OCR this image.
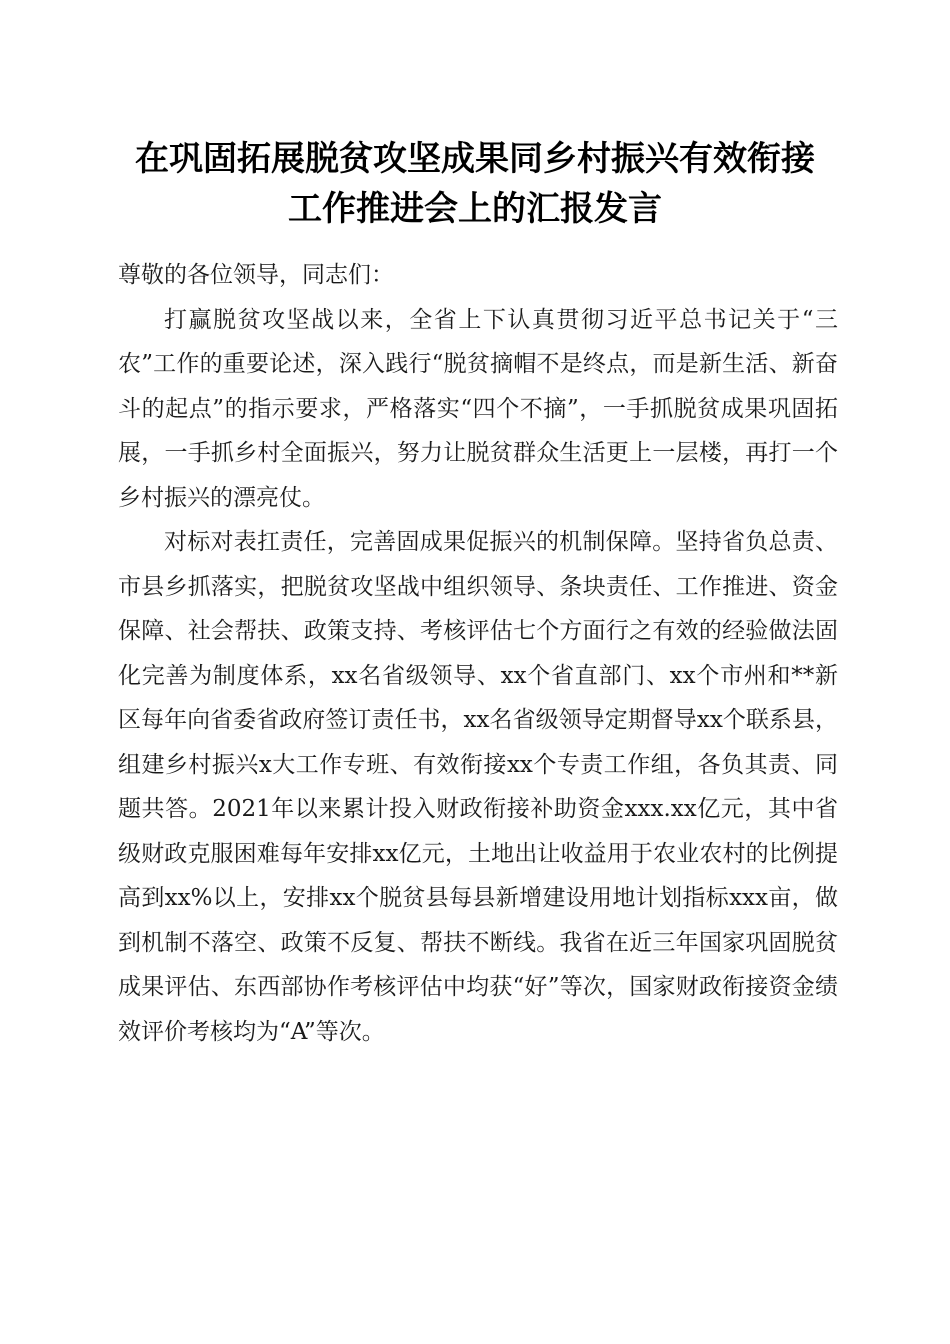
在巩固拓展脱贫攻坚成果同乡村振兴有效衔接
工作推进会上的汇报发言

尊敬的各位领导，同志们：

打赢脱贫攻坚战以来，全省上下认真贯彻习近平总书记关于“三农”工作的重要论述，深入践行“脱贫摘帽不是终点，而是新生活、新奋斗的起点”的指示要求，严格落实“四个不摘”，一手抓脱贫成果巩固拓展，一手抓乡村全面振兴，努力让脱贫群众生活更上一层楼，再打一个乡村振兴的漂亮仗。

对标对表扛责任，完善固成果促振兴的机制保障。坚持省负总责、市县乡抓落实，把脱贫攻坚战中组织领导、条块责任、工作推进、资金保障、社会帮扶、政策支持、考核评估七个方面行之有效的经验做法固化完善为制度体系，xx名省级领导、xx个省直部门、xx个市州和**新区每年向省委省政府签订责任书，xx名省级领导定期督导xx个联系县，组建乡村振兴x大工作专班、有效衔接xx个专责工作组，各负其责、同题共答。2021年以来累计投入财政衔接补助资金xxx.xx亿元，其中省级财政克服困难每年安排xx亿元，土地出让收益用于农业农村的比例提高到xx%以上，安排xx个脱贫县每县新增建设用地计划指标xxx亩，做到机制不落空、政策不反复、帮扶不断线。我省在近三年国家巩固脱贫成果评估、东西部协作考核评估中均获“好”等次，国家财政衔接资金绩效评价考核均为“A”等次。
